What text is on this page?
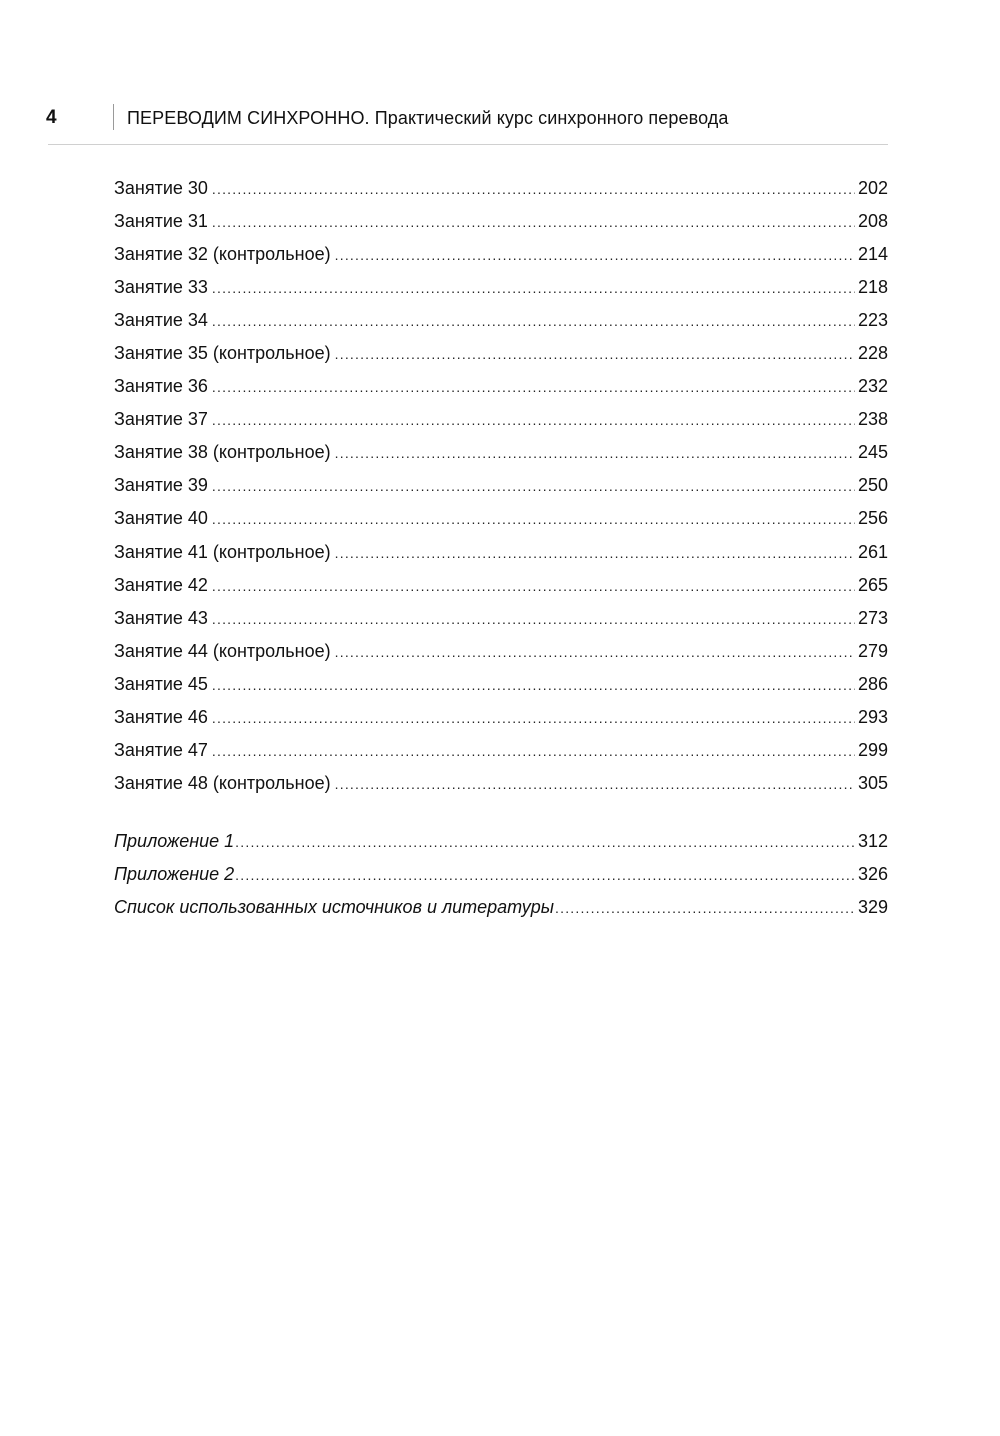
4	ПЕРЕВОДИМ СИНХРОННО. Практический курс синхронного перевода
Занятие 30 .....	202
Занятие 31 .....	208
Занятие 32 (контрольное) .....	214
Занятие 33 .....	218
Занятие 34 .....	223
Занятие 35 (контрольное) .....	228
Занятие 36 .....	232
Занятие 37 .....	238
Занятие 38 (контрольное) .....	245
Занятие 39 .....	250
Занятие 40 .....	256
Занятие 41 (контрольное) .....	261
Занятие 42 .....	265
Занятие 43 .....	273
Занятие 44 (контрольное) .....	279
Занятие 45 .....	286
Занятие 46 .....	293
Занятие 47 .....	299
Занятие 48 (контрольное) .....	305
Приложение 1 .....	312
Приложение 2 .....	326
Список использованных источников и литературы .....	329
